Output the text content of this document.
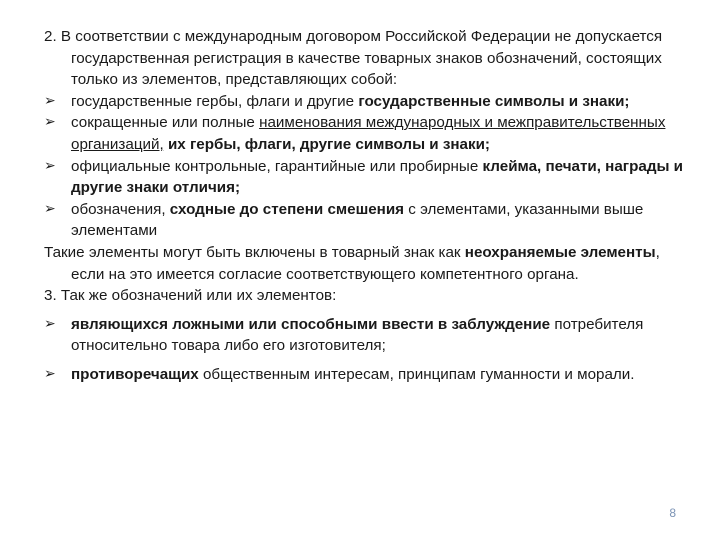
2. В соответствии с международным договором Российской Федерации не допускается государственная регистрация в качестве товарных знаков обозначений, состоящих только из элементов, представляющих собой:

➢	государственные гербы, флаги и другие государственные символы и знаки;
➢	сокращенные или полные наименования международных и межправительственных организаций, их гербы, флаги, другие символы и знаки;
➢	официальные контрольные, гарантийные или пробирные клейма, печати, награды и другие знаки отличия;
➢	обозначения, сходные до степени смешения с элементами, указанными выше элементами

Такие элементы могут быть включены в товарный знак как неохраняемые элементы, если на это имеется согласие соответствующего компетентного органа.

3. Так же обозначений или их элементов:

➢	являющихся ложными или способными ввести в заблуждение потребителя относительно товара либо его изготовителя;
➢	противоречащих общественным интересам, принципам гуманности и морали.
8
